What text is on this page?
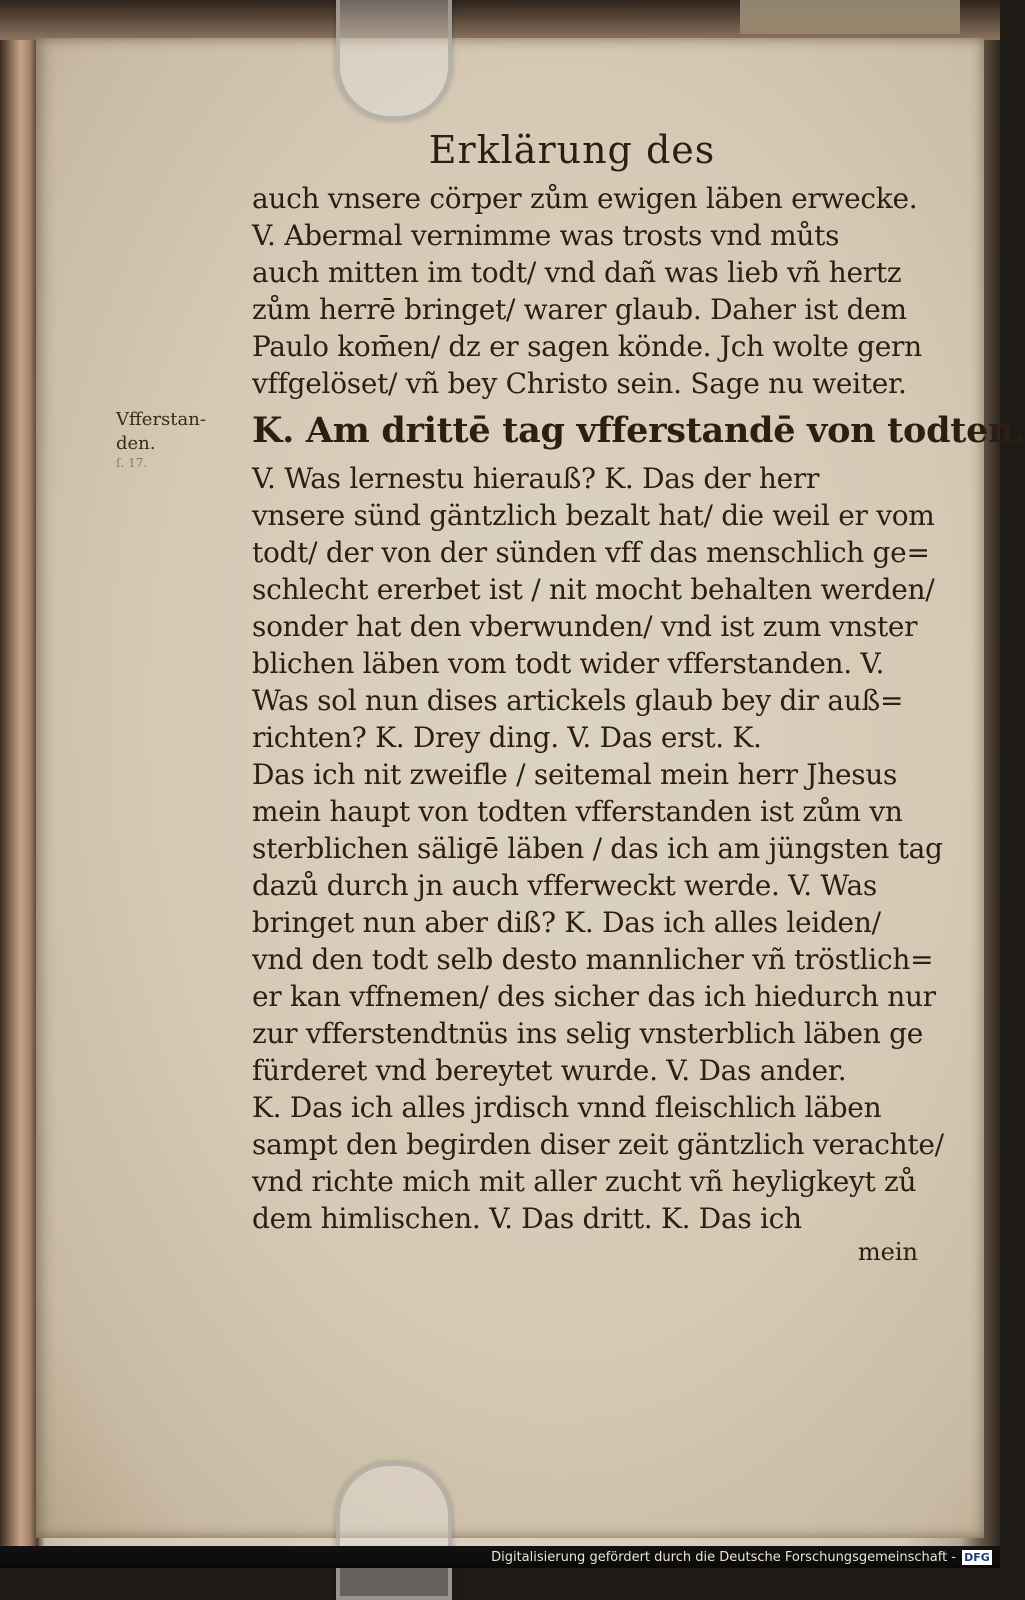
Vfferstan-
den.
ſ. 17.
Erklärung des
auch vnsere cörper zům ewigen läben erwecke.
V. Abermal vernimme was trosts vnd můts
auch mitten im todt/ vnd dañ was lieb vñ hertz
zům herrē bringet/ warer glaub. Daher ist dem
Paulo kom̄en/ dz er sagen könde. Jch wolte gern
vffgelöset/ vñ bey Christo sein. Sage nu weiter.
K. Am drittē tag vfferstandē von todten.
V. Was lernestu hierauß? K. Das der herr
vnsere sünd gäntzlich bezalt hat/ die weil er vom
todt/ der von der sünden vff das menschlich ge=
schlecht ererbet ist / nit mocht behalten werden/
sonder hat den vberwunden/ vnd ist zum vnster
blichen läben vom todt wider vfferstanden. V.
Was sol nun dises artickels glaub bey dir auß=
richten? K. Drey ding. V. Das erst. K.
Das ich nit zweifle / seitemal mein herr Jhesus
mein haupt von todten vfferstanden ist zům vn
sterblichen säligē läben / das ich am jüngsten tag
dazů durch jn auch vfferweckt werde. V. Was
bringet nun aber diß? K. Das ich alles leiden/
vnd den todt selb desto mannlicher vñ tröstlich=
er kan vffnemen/ des sicher das ich hiedurch nur
zur vfferstendtnüs ins selig vnsterblich läben ge
fürderet vnd bereytet wurde. V. Das ander.
K. Das ich alles jrdisch vnnd fleischlich läben
sampt den begirden diser zeit gäntzlich verachte/
vnd richte mich mit aller zucht vñ heyligkeyt zů
dem himlischen. V. Das dritt. K. Das ich
mein
Digitalisierung gefördert durch die Deutsche Forschungsgemeinschaft - DFG
